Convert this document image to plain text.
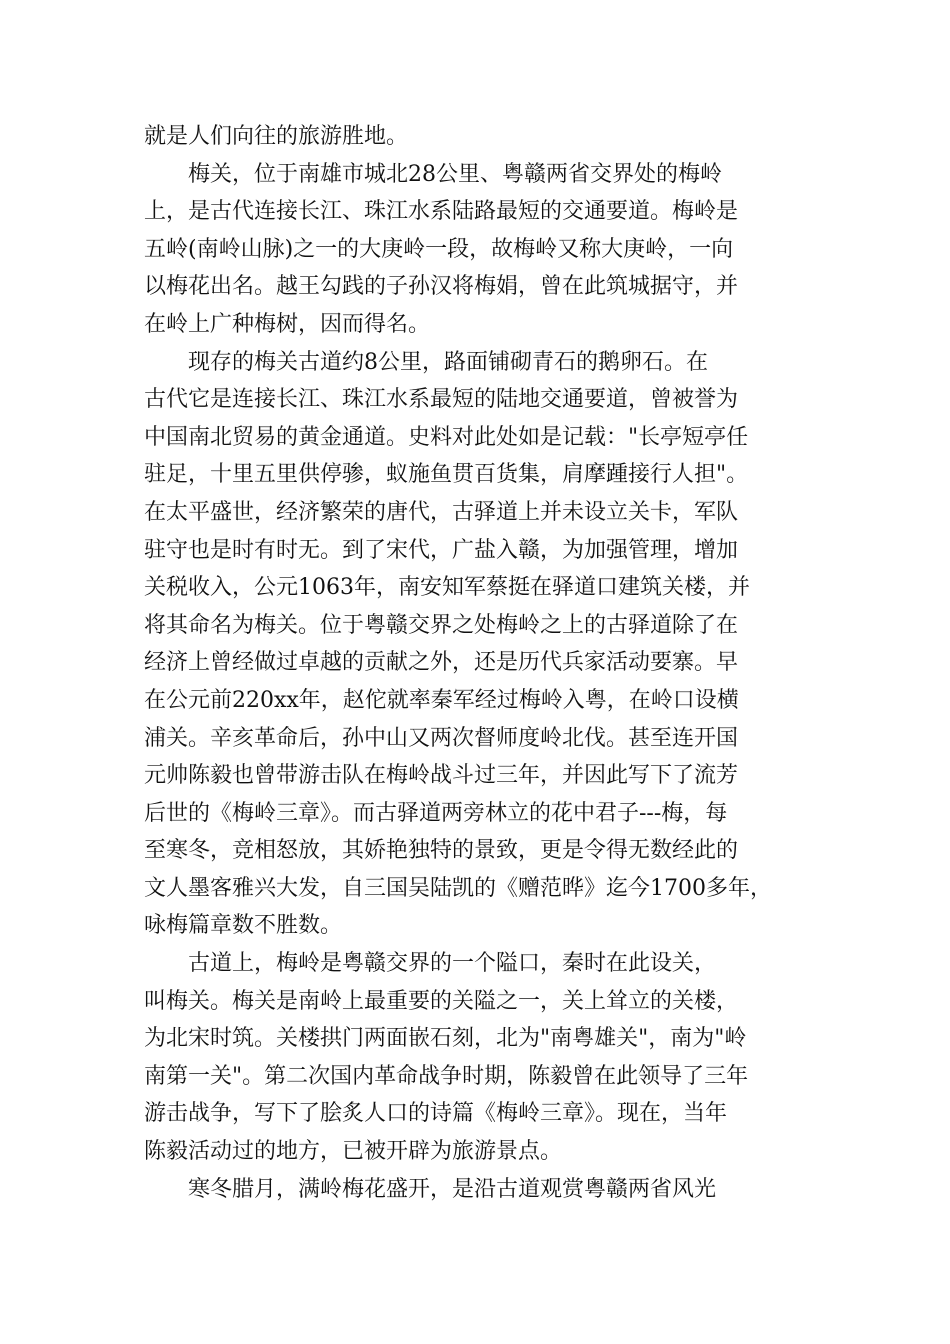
就是人们向往的旅游胜地。

　　梅关，位于南雄市城北28公里、粤赣两省交界处的梅岭
上，是古代连接长江、珠江水系陆路最短的交通要道。梅岭是
五岭(南岭山脉)之一的大庚岭一段，故梅岭又称大庚岭，一向
以梅花出名。越王勾践的子孙汉将梅娟，曾在此筑城据守，并
在岭上广种梅树，因而得名。

　　现存的梅关古道约8公里，路面铺砌青石的鹅卵石。在
古代它是连接长江、珠江水系最短的陆地交通要道，曾被誉为
中国南北贸易的黄金通道。史料对此处如是记载："长亭短亭任
驻足，十里五里供停骖，蚁施鱼贯百货集，肩摩踵接行人担"。
在太平盛世，经济繁荣的唐代，古驿道上并未设立关卡，军队
驻守也是时有时无。到了宋代，广盐入赣，为加强管理，增加
关税收入，公元1063年，南安知军蔡挺在驿道口建筑关楼，并
将其命名为梅关。位于粤赣交界之处梅岭之上的古驿道除了在
经济上曾经做过卓越的贡献之外，还是历代兵家活动要寨。早
在公元前220xx年，赵佗就率秦军经过梅岭入粤，在岭口设横
浦关。辛亥革命后，孙中山又两次督师度岭北伐。甚至连开国
元帅陈毅也曾带游击队在梅岭战斗过三年，并因此写下了流芳
后世的《梅岭三章》。而古驿道两旁林立的花中君子---梅，每
至寒冬，竞相怒放，其娇艳独特的景致，更是令得无数经此的
文人墨客雅兴大发，自三国吴陆凯的《赠范晔》迄今1700多年，
咏梅篇章数不胜数。

　　古道上，梅岭是粤赣交界的一个隘口，秦时在此设关，
叫梅关。梅关是南岭上最重要的关隘之一，关上耸立的关楼，
为北宋时筑。关楼拱门两面嵌石刻，北为"南粤雄关"，南为"岭
南第一关"。第二次国内革命战争时期，陈毅曾在此领导了三年
游击战争，写下了脍炙人口的诗篇《梅岭三章》。现在，当年
陈毅活动过的地方，已被开辟为旅游景点。

　　寒冬腊月，满岭梅花盛开，是沿古道观赏粤赣两省风光
